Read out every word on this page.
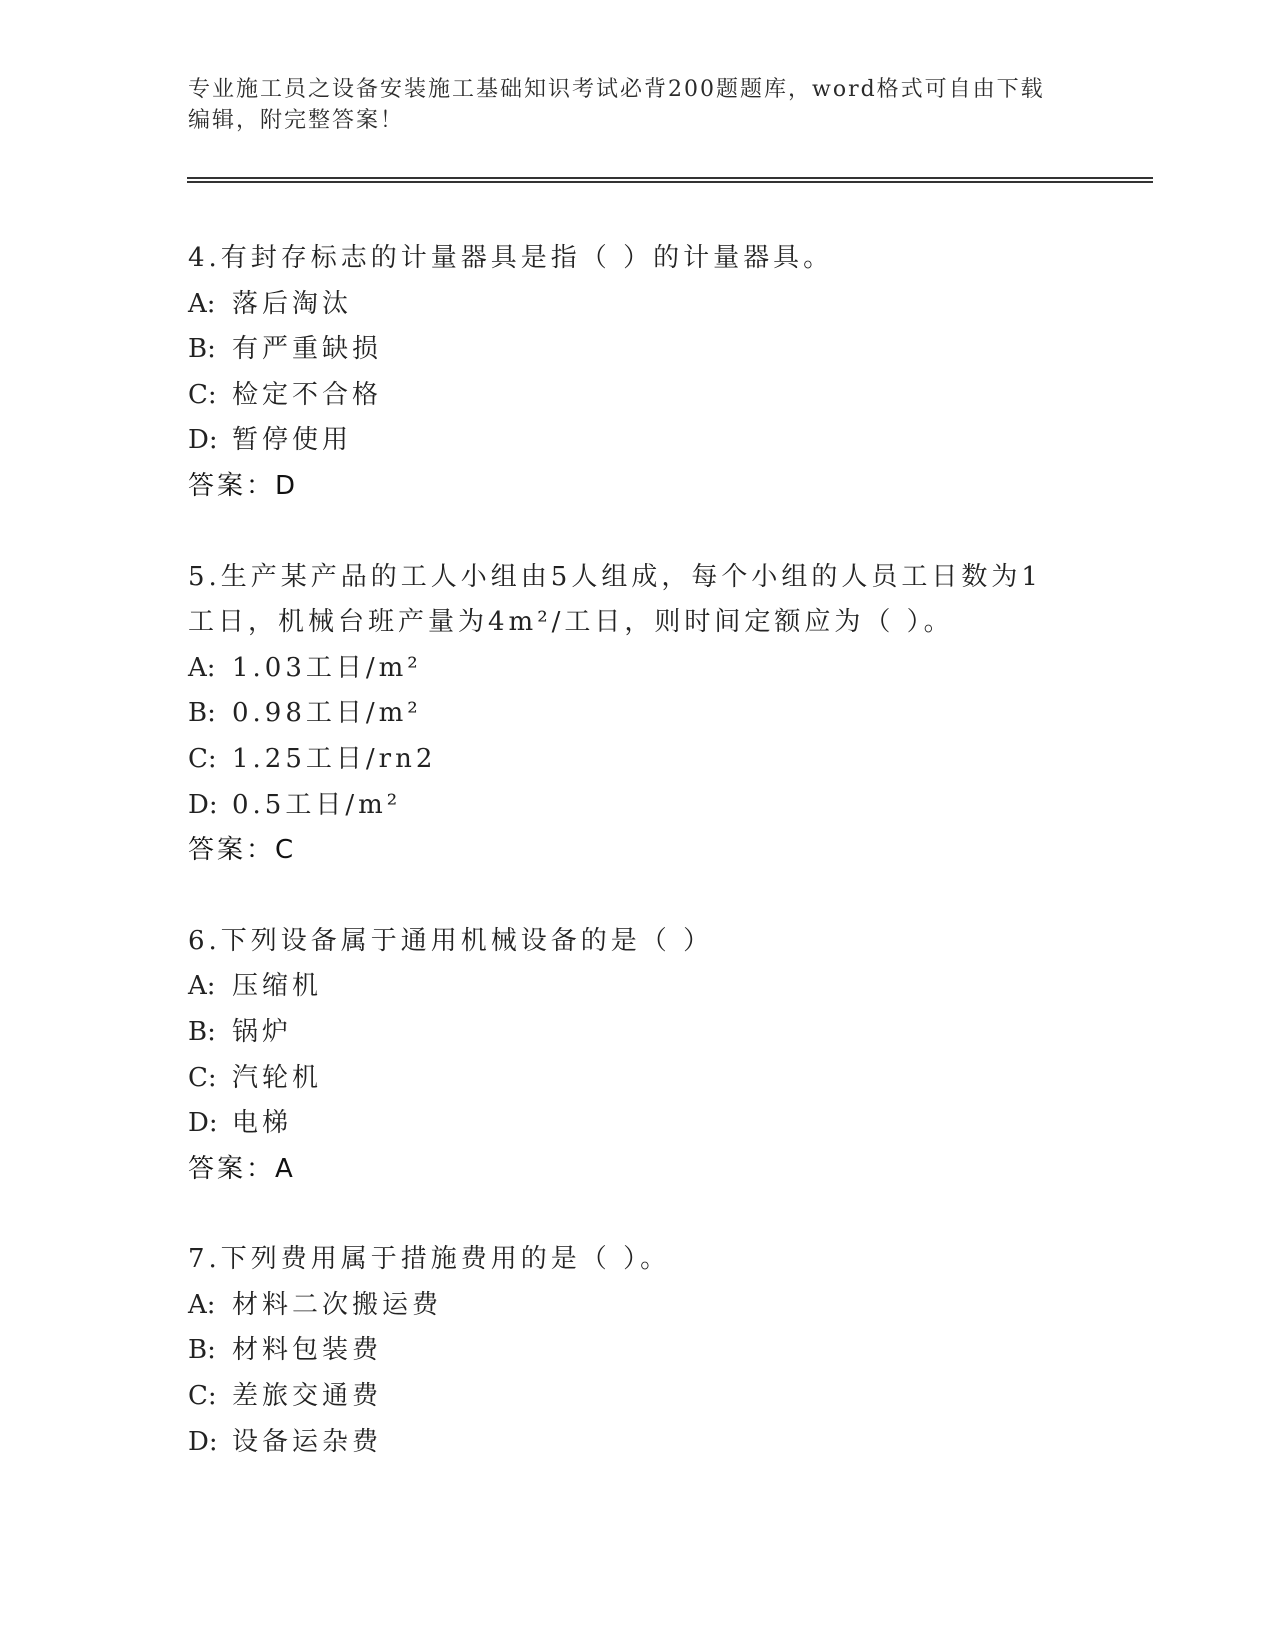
专业施工员之设备安装施工基础知识考试必背200题题库，word格式可自由下载
编辑，附完整答案！
4.有封存标志的计量器具是指（ ）的计量器具。
A: 落后淘汰
B: 有严重缺损
C: 检定不合格
D: 暂停使用
答案：D
5.生产某产品的工人小组由5人组成，每个小组的人员工日数为1工日，机械台班产量为4m²/工日，则时间定额应为（ ）。
A: 1.03工日/m²
B: 0.98工日/m²
C: 1.25工日/rn2
D: 0.5工日/m²
答案：C
6.下列设备属于通用机械设备的是（ ）
A: 压缩机
B: 锅炉
C: 汽轮机
D: 电梯
答案：A
7.下列费用属于措施费用的是（ ）。
A: 材料二次搬运费
B: 材料包装费
C: 差旅交通费
D: 设备运杂费
